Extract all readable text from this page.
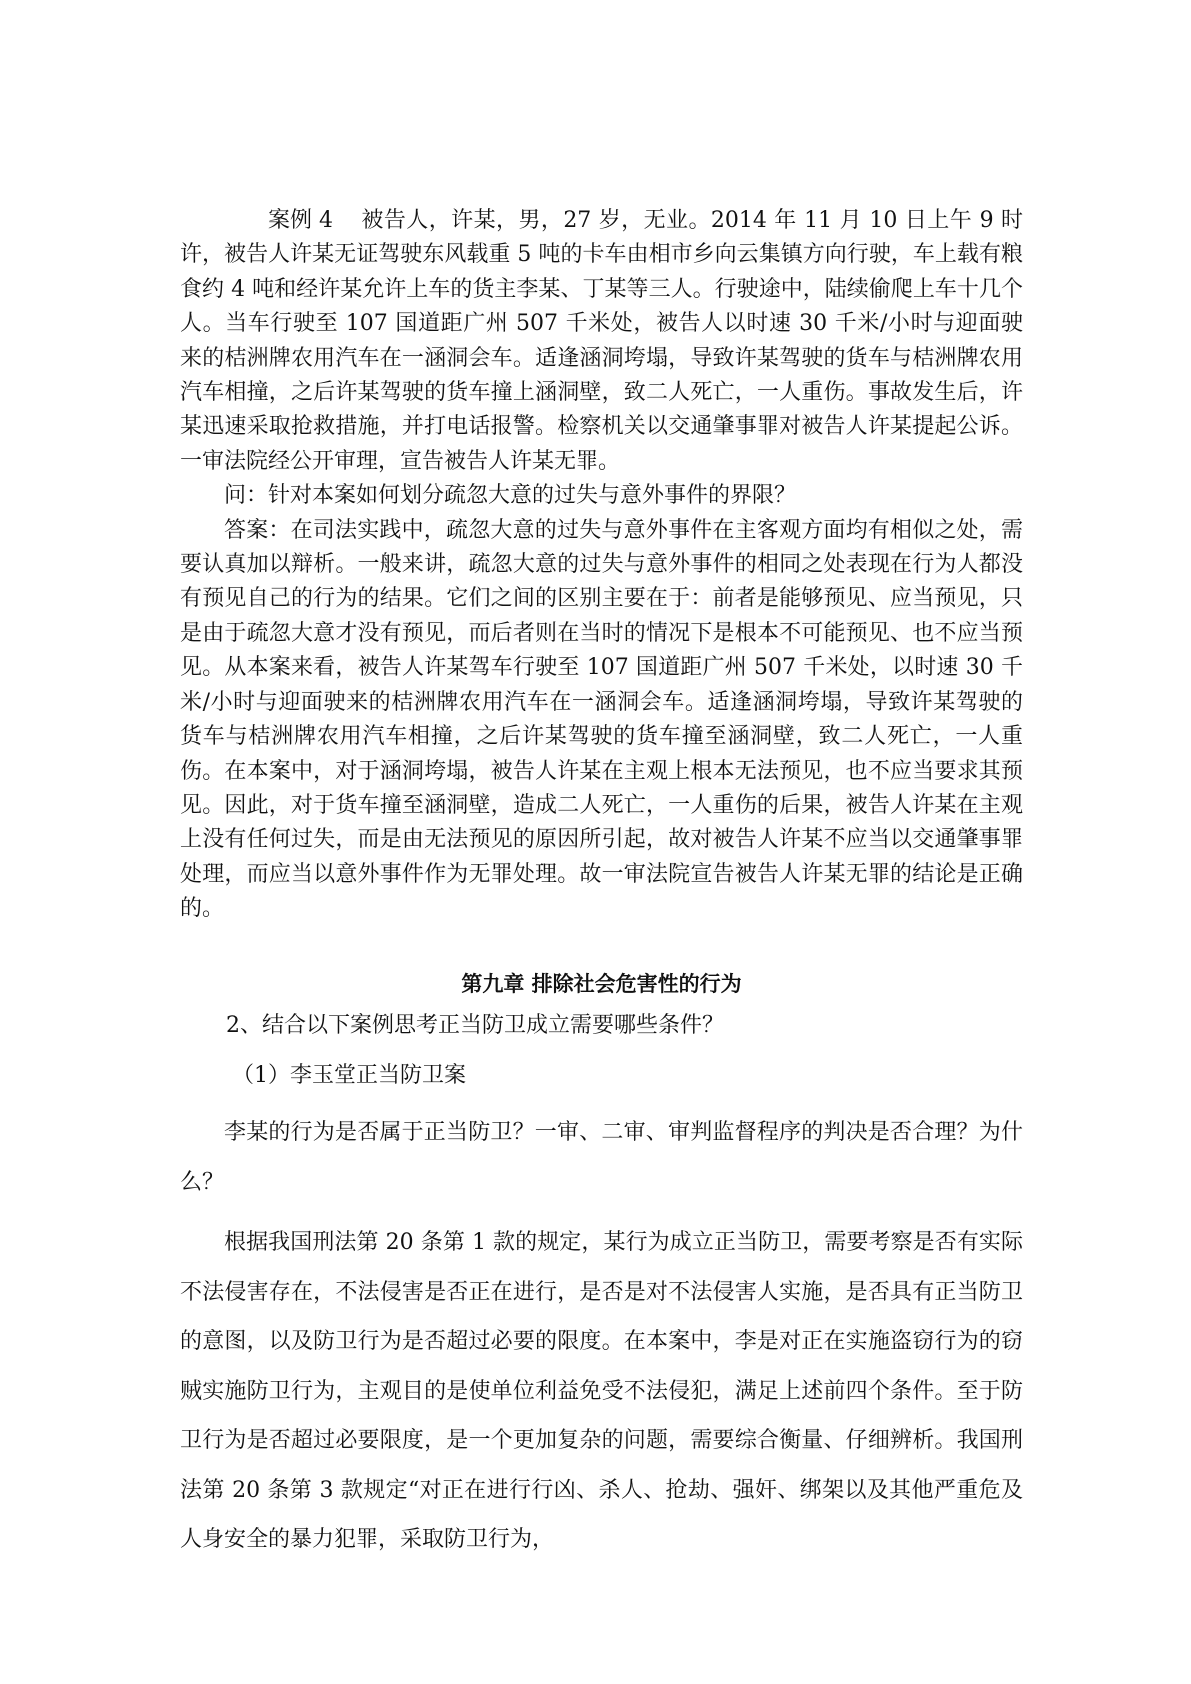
案例 4 被告人，许某，男，27 岁，无业。2014 年 11 月 10 日上午 9 时许，被告人许某无证驾驶东风载重 5 吨的卡车由相市乡向云集镇方向行驶，车上载有粮食约 4 吨和经许某允许上车的货主李某、丁某等三人。行驶途中，陆续偷爬上车十几个人。当车行驶至 107 国道距广州 507 千米处，被告人以时速 30 千米/小时与迎面驶来的桔洲牌农用汽车在一涵洞会车。适逢涵洞垮塌，导致许某驾驶的货车与桔洲牌农用汽车相撞，之后许某驾驶的货车撞上涵洞壁，致二人死亡，一人重伤。事故发生后，许某迅速采取抢救措施，并打电话报警。检察机关以交通肇事罪对被告人许某提起公诉。一审法院经公开审理，宣告被告人许某无罪。

问：针对本案如何划分疏忽大意的过失与意外事件的界限？

答案：在司法实践中，疏忽大意的过失与意外事件在主客观方面均有相似之处，需要认真加以辩析。一般来讲，疏忽大意的过失与意外事件的相同之处表现在行为人都没有预见自己的行为的结果。它们之间的区别主要在于：前者是能够预见、应当预见，只是由于疏忽大意才没有预见，而后者则在当时的情况下是根本不可能预见、也不应当预见。从本案来看，被告人许某驾车行驶至 107 国道距广州 507 千米处，以时速 30 千米/小时与迎面驶来的桔洲牌农用汽车在一涵洞会车。适逢涵洞垮塌，导致许某驾驶的货车与桔洲牌农用汽车相撞，之后许某驾驶的货车撞至涵洞壁，致二人死亡，一人重伤。在本案中，对于涵洞垮塌，被告人许某在主观上根本无法预见，也不应当要求其预见。因此，对于货车撞至涵洞壁，造成二人死亡，一人重伤的后果，被告人许某在主观上没有任何过失，而是由无法预见的原因所引起，故对被告人许某不应当以交通肇事罪处理，而应当以意外事件作为无罪处理。故一审法院宣告被告人许某无罪的结论是正确的。

第九章 排除社会危害性的行为

2、结合以下案例思考正当防卫成立需要哪些条件？

（1）李玉堂正当防卫案

李某的行为是否属于正当防卫？一审、二审、审判监督程序的判决是否合理？为什么？

根据我国刑法第 20 条第 1 款的规定，某行为成立正当防卫，需要考察是否有实际不法侵害存在，不法侵害是否正在进行，是否是对不法侵害人实施，是否具有正当防卫的意图，以及防卫行为是否超过必要的限度。在本案中，李是对正在实施盗窃行为的窃贼实施防卫行为，主观目的是使单位利益免受不法侵犯，满足上述前四个条件。至于防卫行为是否超过必要限度，是一个更加复杂的问题，需要综合衡量、仔细辨析。我国刑法第 20 条第 3 款规定“对正在进行行凶、杀人、抢劫、强奸、绑架以及其他严重危及人身安全的暴力犯罪，采取防卫行为，
